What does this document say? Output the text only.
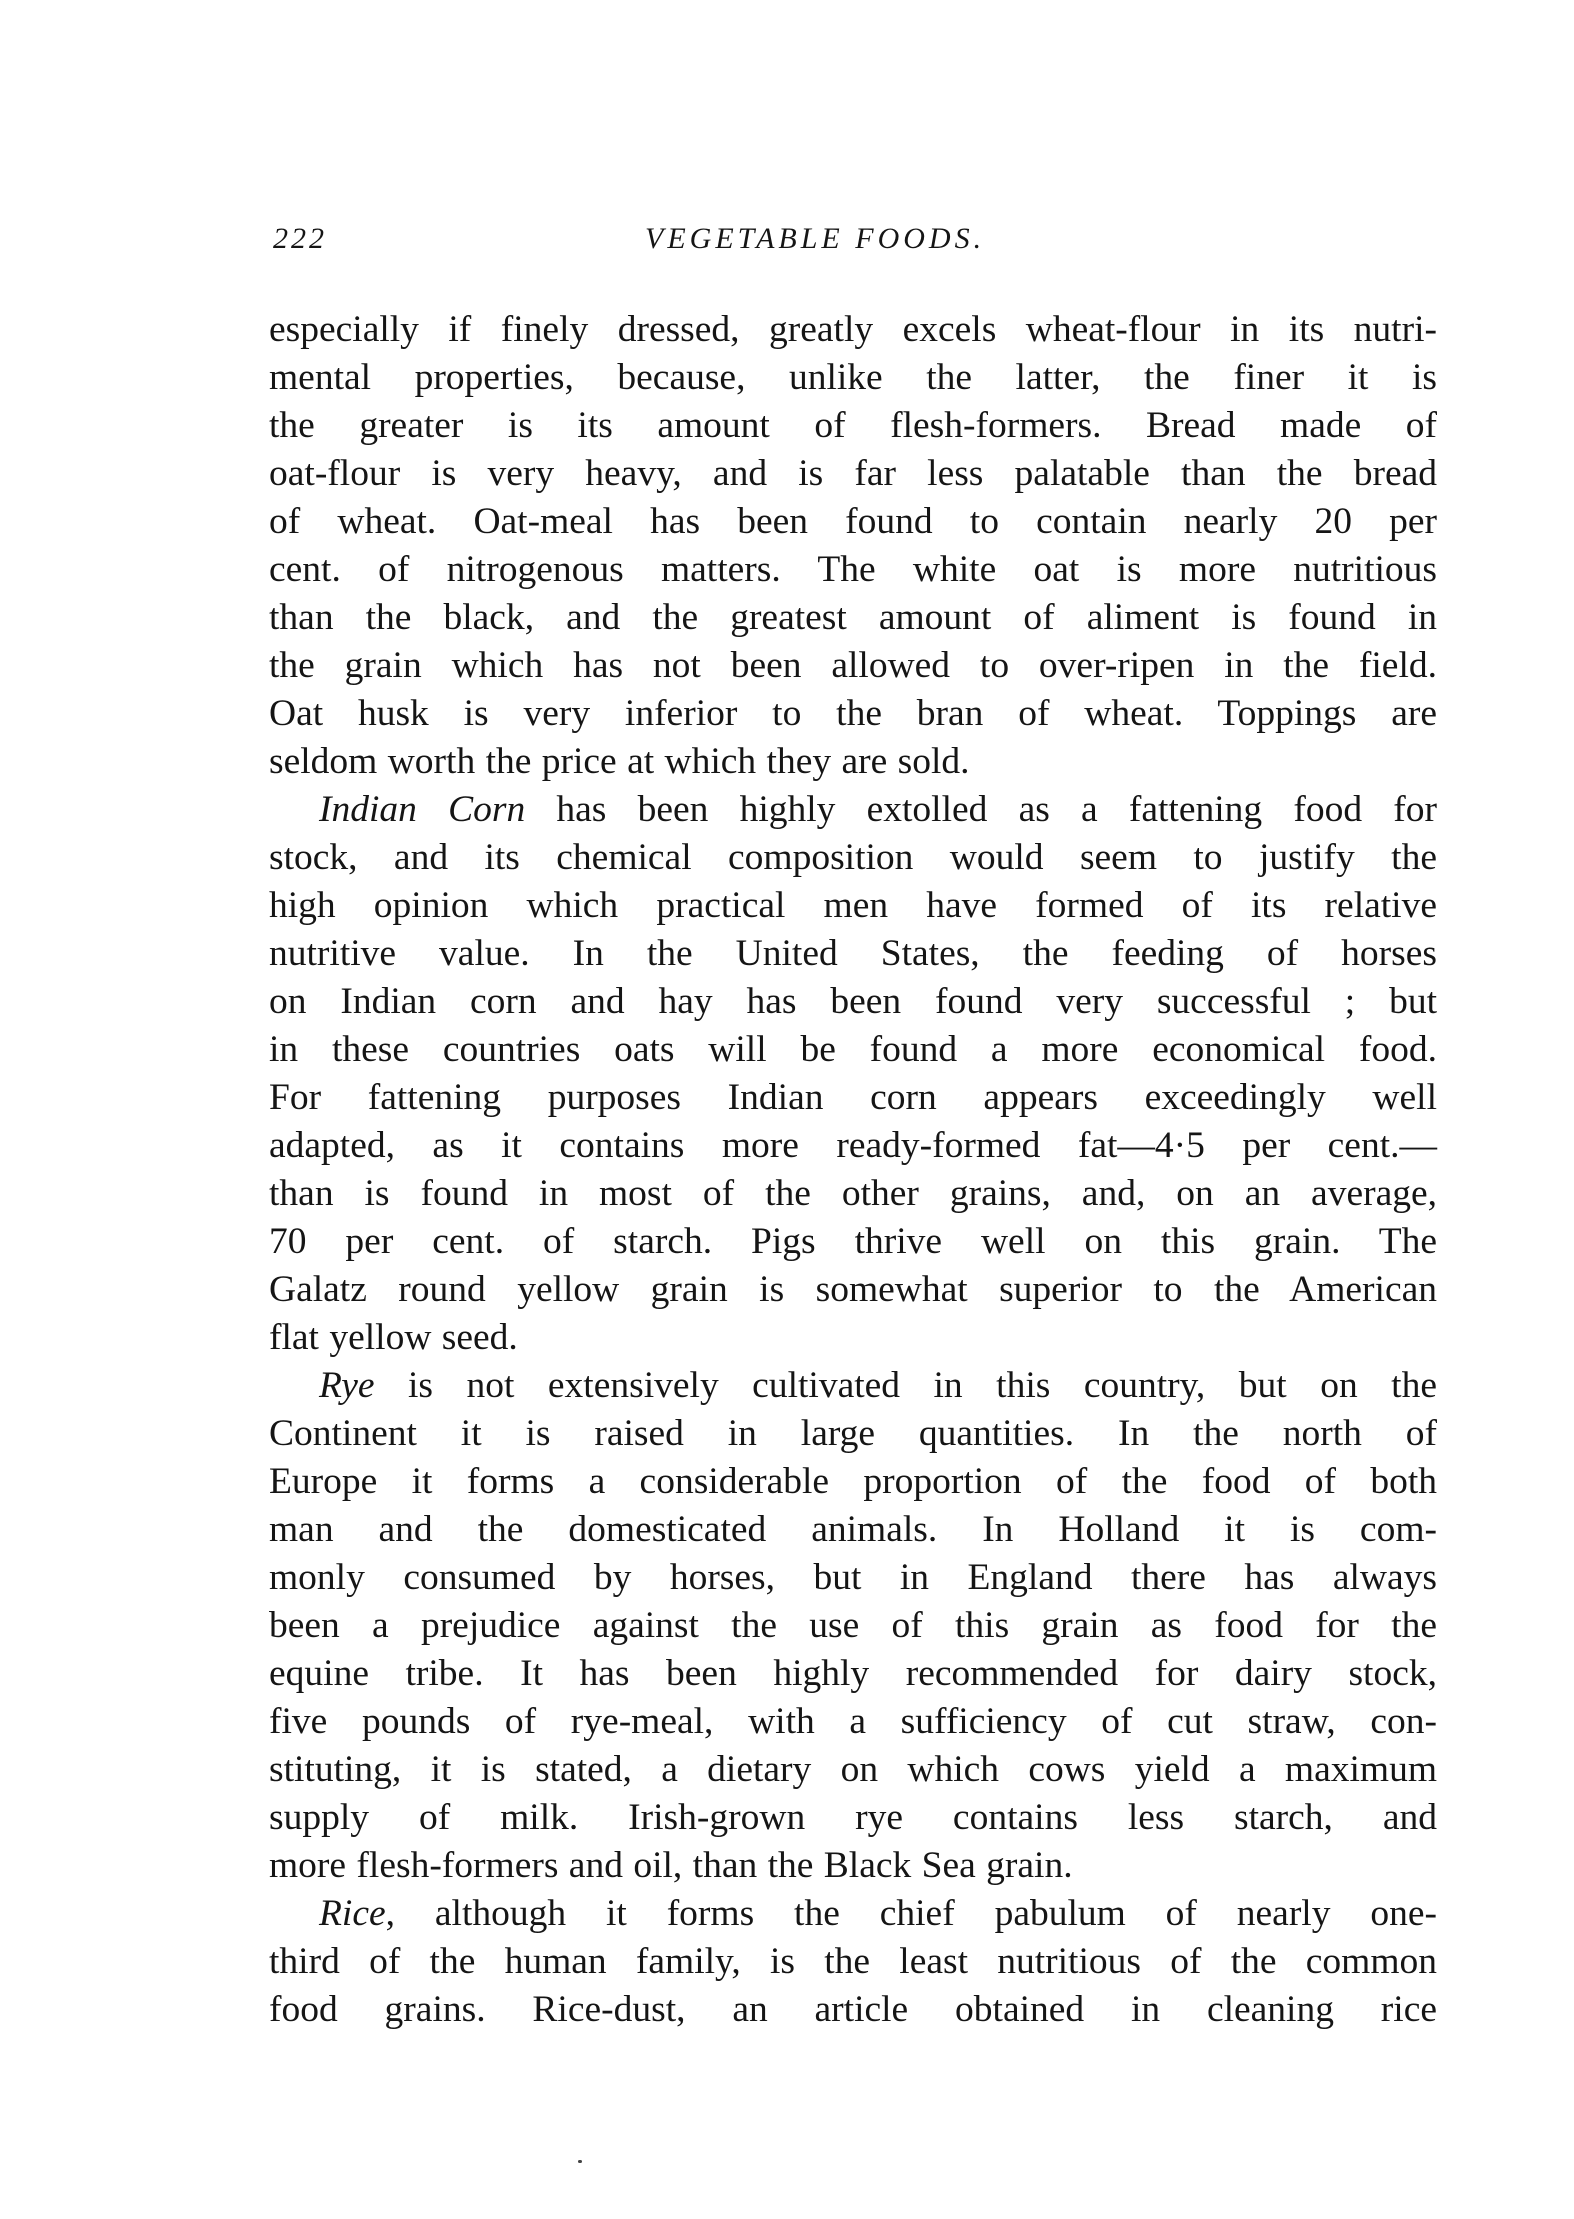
222	VEGETABLE FOODS.
especially if finely dressed, greatly excels wheat-flour in its nutri-
mental properties, because, unlike the latter, the finer it is
the greater is its amount of flesh-formers. Bread made of
oat-flour is very heavy, and is far less palatable than the bread
of wheat. Oat-meal has been found to contain nearly 20 per
cent. of nitrogenous matters. The white oat is more nutritious
than the black, and the greatest amount of aliment is found in
the grain which has not been allowed to over-ripen in the field.
Oat husk is very inferior to the bran of wheat. Toppings are
seldom worth the price at which they are sold.
Indian Corn has been highly extolled as a fattening food for
stock, and its chemical composition would seem to justify the
high opinion which practical men have formed of its relative
nutritive value. In the United States, the feeding of horses
on Indian corn and hay has been found very successful ; but
in these countries oats will be found a more economical food.
For fattening purposes Indian corn appears exceedingly well
adapted, as it contains more ready-formed fat—4·5 per cent.—
than is found in most of the other grains, and, on an average,
70 per cent. of starch. Pigs thrive well on this grain. The
Galatz round yellow grain is somewhat superior to the American
flat yellow seed.
Rye is not extensively cultivated in this country, but on the
Continent it is raised in large quantities. In the north of
Europe it forms a considerable proportion of the food of both
man and the domesticated animals. In Holland it is com-
monly consumed by horses, but in England there has always
been a prejudice against the use of this grain as food for the
equine tribe. It has been highly recommended for dairy stock,
five pounds of rye-meal, with a sufficiency of cut straw, con-
stituting, it is stated, a dietary on which cows yield a maximum
supply of milk. Irish-grown rye contains less starch, and
more flesh-formers and oil, than the Black Sea grain.
Rice, although it forms the chief pabulum of nearly one-
third of the human family, is the least nutritious of the common
food grains. Rice-dust, an article obtained in cleaning rice
